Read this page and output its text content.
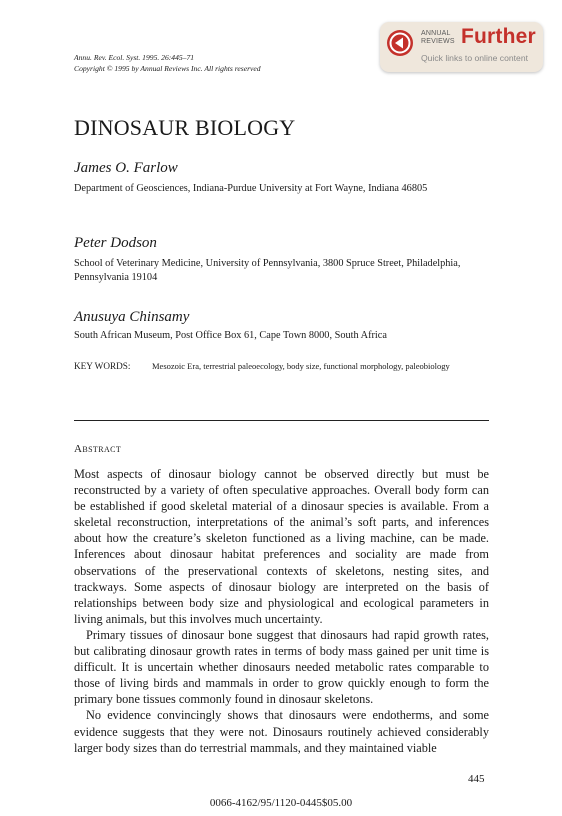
Annu. Rev. Ecol. Syst. 1995. 26:445–71
Copyright © 1995 by Annual Reviews Inc. All rights reserved
ANNUAL
REVIEWS Further
Quick links to online content
DINOSAUR BIOLOGY
James O. Farlow
Department of Geosciences, Indiana-Purdue University at Fort Wayne, Indiana 46805
Peter Dodson
School of Veterinary Medicine, University of Pennsylvania, 3800 Spruce Street, Philadelphia, Pennsylvania 19104
Anusuya Chinsamy
South African Museum, Post Office Box 61, Cape Town 8000, South Africa
KEY WORDS:	Mesozoic Era, terrestrial paleoecology, body size, functional morphology, paleobiology
Abstract

Most aspects of dinosaur biology cannot be observed directly but must be reconstructed by a variety of often speculative approaches. Overall body form can be established if good skeletal material of a dinosaur species is available. From a skeletal reconstruction, interpretations of the animal’s soft parts, and inferences about how the creature’s skeleton functioned as a living machine, can be made. Inferences about dinosaur habitat preferences and sociality are made from observations of the preservational contexts of skeletons, nesting sites, and trackways. Some aspects of dinosaur biology are interpreted on the basis of relationships between body size and physiological and ecological parameters in living animals, but this involves much uncertainty.

Primary tissues of dinosaur bone suggest that dinosaurs had rapid growth rates, but calibrating dinosaur growth rates in terms of body mass gained per unit time is difficult. It is uncertain whether dinosaurs needed metabolic rates comparable to those of living birds and mammals in order to grow quickly enough to form the primary bone tissues commonly found in dinosaur skeletons.

No evidence convincingly shows that dinosaurs were endotherms, and some evidence suggests that they were not. Dinosaurs routinely achieved considerably larger body sizes than do terrestrial mammals, and they maintained viable

445
0066-4162/95/1120-0445$05.00
